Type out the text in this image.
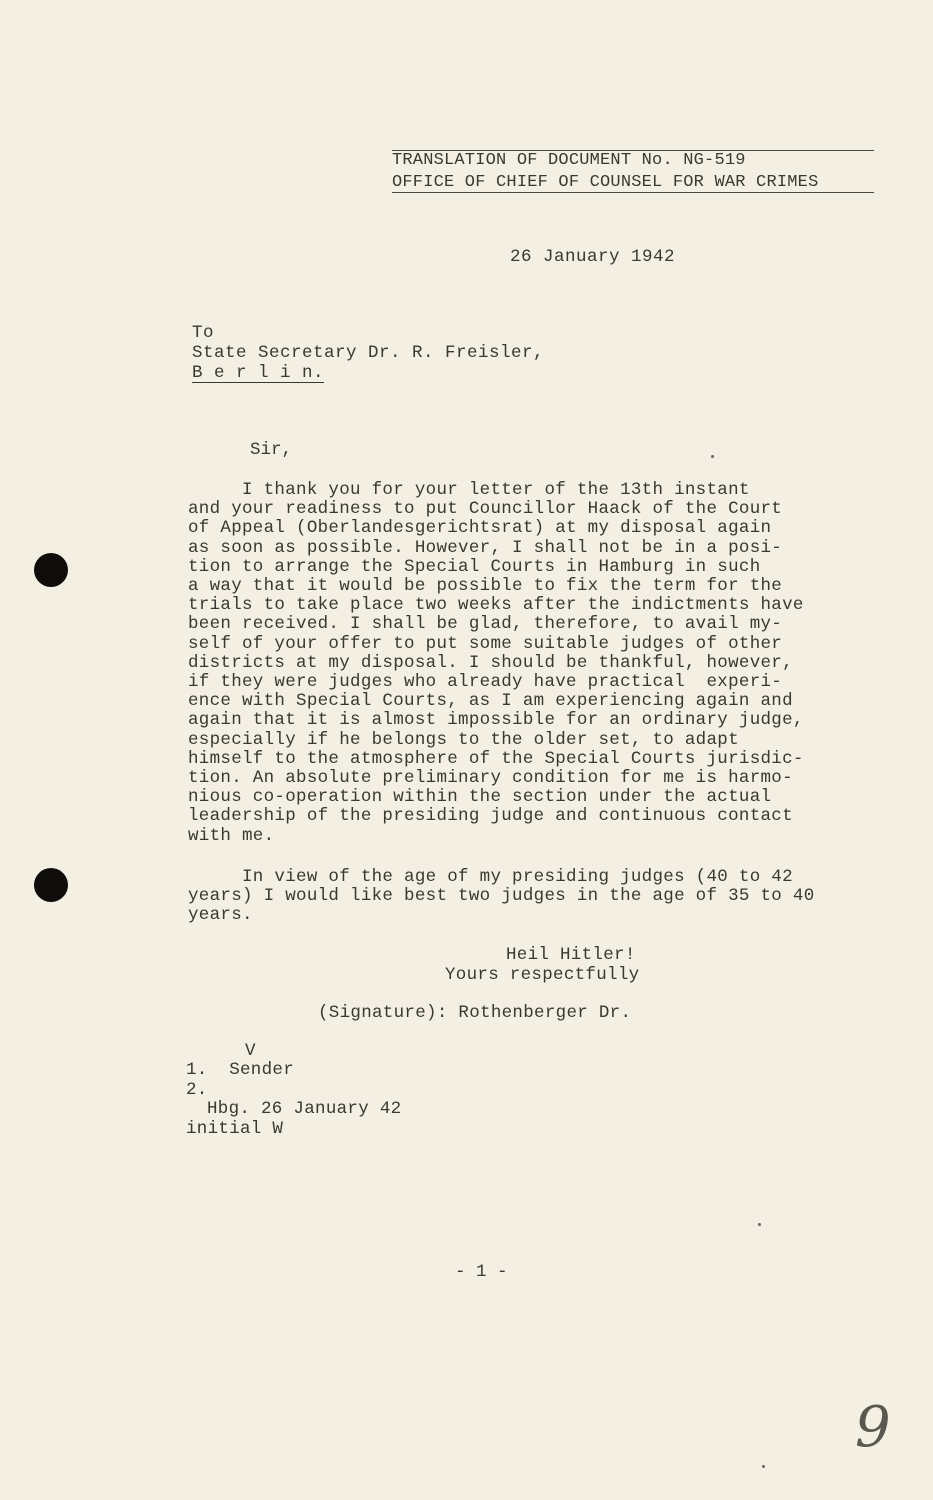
TRANSLATION OF DOCUMENT No. NG-519
OFFICE OF CHIEF OF COUNSEL FOR WAR CRIMES
26 January 1942
To
State Secretary Dr. R. Freisler,
B e r l i n.
Sir,
I thank you for your letter of the 13th instant
and your readiness to put Councillor Haack of the Court
of Appeal (Oberlandesgerichtsrat) at my disposal again
as soon as possible. However, I shall not be in a posi-
tion to arrange the Special Courts in Hamburg in such
a way that it would be possible to fix the term for the
trials to take place two weeks after the indictments have
been received. I shall be glad, therefore, to avail my-
self of your offer to put some suitable judges of other
districts at my disposal. I should be thankful, however,
if they were judges who already have practical  experi-
ence with Special Courts, as I am experiencing again and
again that it is almost impossible for an ordinary judge,
especially if he belongs to the older set, to adapt
himself to the atmosphere of the Special Courts jurisdic-
tion. An absolute preliminary condition for me is harmo-
nious co-operation within the section under the actual
leadership of the presiding judge and continuous contact
with me.
In view of the age of my presiding judges (40 to 42
years) I would like best two judges in the age of 35 to 40
years.
Heil Hitler!
Yours respectfully
(Signature): Rothenberger Dr.
V
1.  Sender
2.
Hbg. 26 January 42
initial W
- 1 -
9
